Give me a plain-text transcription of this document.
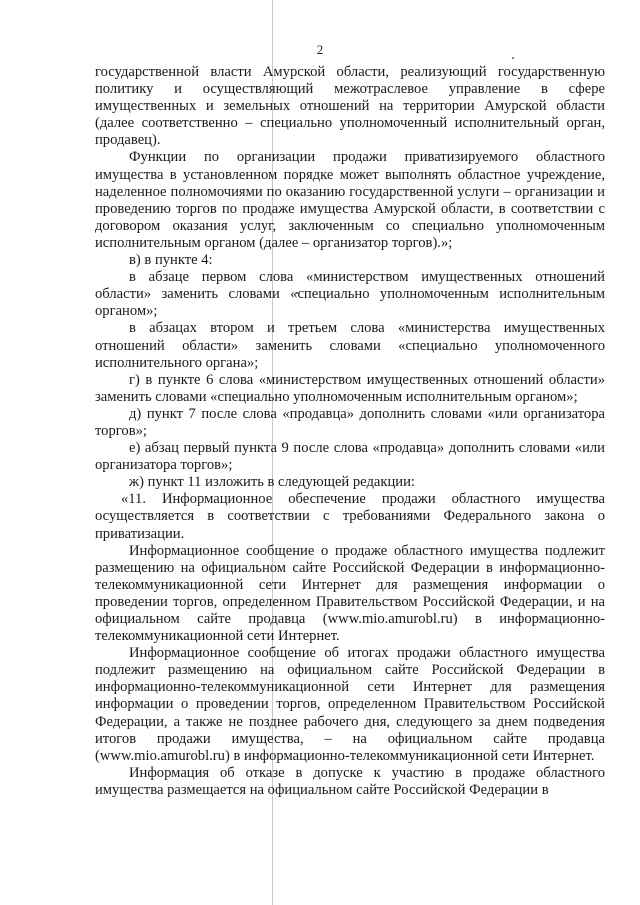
2

государственной власти Амурской области, реализующий государственную политику и осуществляющий межотраслевое управление в сфере имущественных и земельных отношений на территории Амурской области (далее соответственно – специально уполномоченный исполнительный орган, продавец).

Функции по организации продажи приватизируемого областного имущества в установленном порядке может выполнять областное учреждение, наделенное полномочиями по оказанию государственной услуги – организации и проведению торгов по продаже имущества Амурской области, в соответствии с договором оказания услуг, заключенным со специально уполномоченным исполнительным органом (далее – организатор торгов).»;

в) в пункте 4:

в абзаце первом слова «министерством имущественных отношений области» заменить словами «специально уполномоченным исполнительным органом»;

в абзацах втором и третьем слова «министерства имущественных отношений области» заменить словами «специально уполномоченного исполнительного органа»;

г) в пункте 6 слова «министерством имущественных отношений области» заменить словами «специально уполномоченным исполнительным органом»;

д) пункт 7 после слова «продавца» дополнить словами «или организатора торгов»;

е) абзац первый пункта 9 после слова «продавца» дополнить словами «или организатора торгов»;

ж) пункт 11 изложить в следующей редакции:

«11. Информационное обеспечение продажи областного имущества осуществляется в соответствии с требованиями Федерального закона о приватизации.

Информационное сообщение о продаже областного имущества подлежит размещению на официальном сайте Российской Федерации в информационно-телекоммуникационной сети Интернет для размещения информации о проведении торгов, определенном Правительством Российской Федерации, и на официальном сайте продавца (www.mio.amurobl.ru) в информационно-телекоммуникационной сети Интернет.

Информационное сообщение об итогах продажи областного имущества подлежит размещению на официальном сайте Российской Федерации в информационно-телекоммуникационной сети Интернет для размещения информации о проведении торгов, определенном Правительством Российской Федерации, а также не позднее рабочего дня, следующего за днем подведения итогов продажи имущества, – на официальном сайте продавца (www.mio.amurobl.ru) в информационно-телекоммуникационной сети Интернет.

Информация об отказе в допуске к участию в продаже областного имущества размещается на официальном сайте Российской Федерации в
